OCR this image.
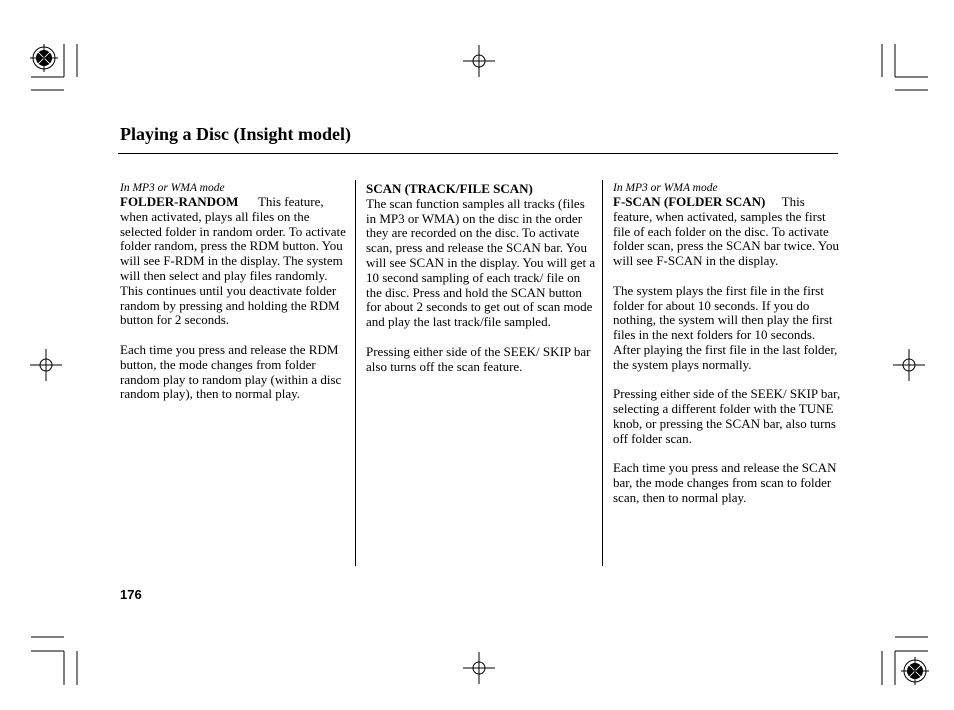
Playing a Disc (Insight model)
In MP3 or WMA mode

FOLDER-RANDOM This feature, when activated, plays all files on the selected folder in random order. To activate folder random, press the RDM button. You will see F-RDM in the display. The system will then select and play files randomly. This continues until you deactivate folder random by pressing and holding the RDM button for 2 seconds.

Each time you press and release the RDM button, the mode changes from folder random play to random play (within a disc random play), then to normal play.

SCAN (TRACK/FILE SCAN)

The scan function samples all tracks (files in MP3 or WMA) on the disc in the order they are recorded on the disc. To activate scan, press and release the SCAN bar. You will see SCAN in the display. You will get a 10 second sampling of each track/ file on the disc. Press and hold the SCAN button for about 2 seconds to get out of scan mode and play the last track/file sampled.

Pressing either side of the SEEK/ SKIP bar also turns off the scan feature.

In MP3 or WMA mode

F-SCAN (FOLDER SCAN) This feature, when activated, samples the first file of each folder on the disc. To activate folder scan, press the SCAN bar twice. You will see F-SCAN in the display.

The system plays the first file in the first folder for about 10 seconds. If you do nothing, the system will then play the first files in the next folders for 10 seconds. After playing the first file in the last folder, the system plays normally.

Pressing either side of the SEEK/ SKIP bar, selecting a different folder with the TUNE knob, or pressing the SCAN bar, also turns off folder scan.

Each time you press and release the SCAN bar, the mode changes from scan to folder scan, then to normal play.

176
